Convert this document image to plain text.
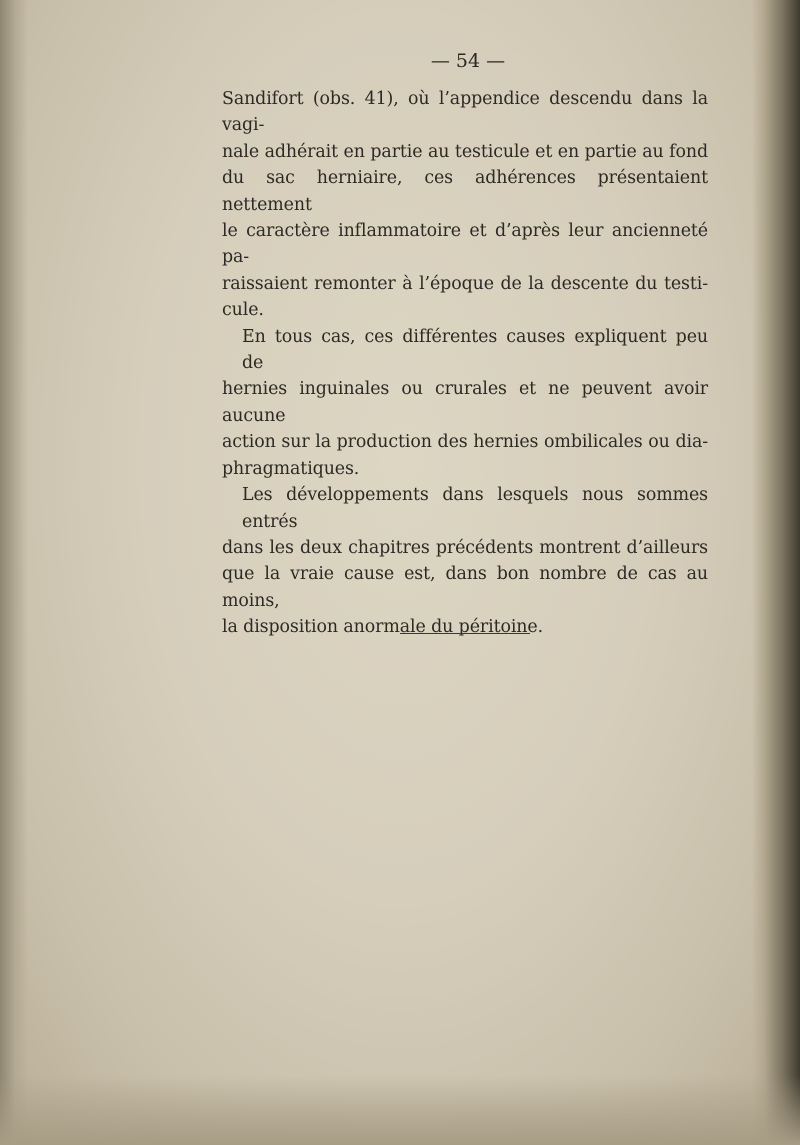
— 54 —
Sandifort (obs. 41), où l’appendice descendu dans la vagi-
nale adhérait en partie au testicule et en partie au fond
du sac herniaire, ces adhérences présentaient nettement
le caractère inflammatoire et d’après leur ancienneté pa-
raissaient remonter à l’époque de la descente du testi-
cule.
En tous cas, ces différentes causes expliquent peu de
hernies inguinales ou crurales et ne peuvent avoir aucune
action sur la production des hernies ombilicales ou dia-
phragmatiques.
Les développements dans lesquels nous sommes entrés
dans les deux chapitres précédents montrent d’ailleurs
que la vraie cause est, dans bon nombre de cas au moins,
la disposition anormale du péritoine.
